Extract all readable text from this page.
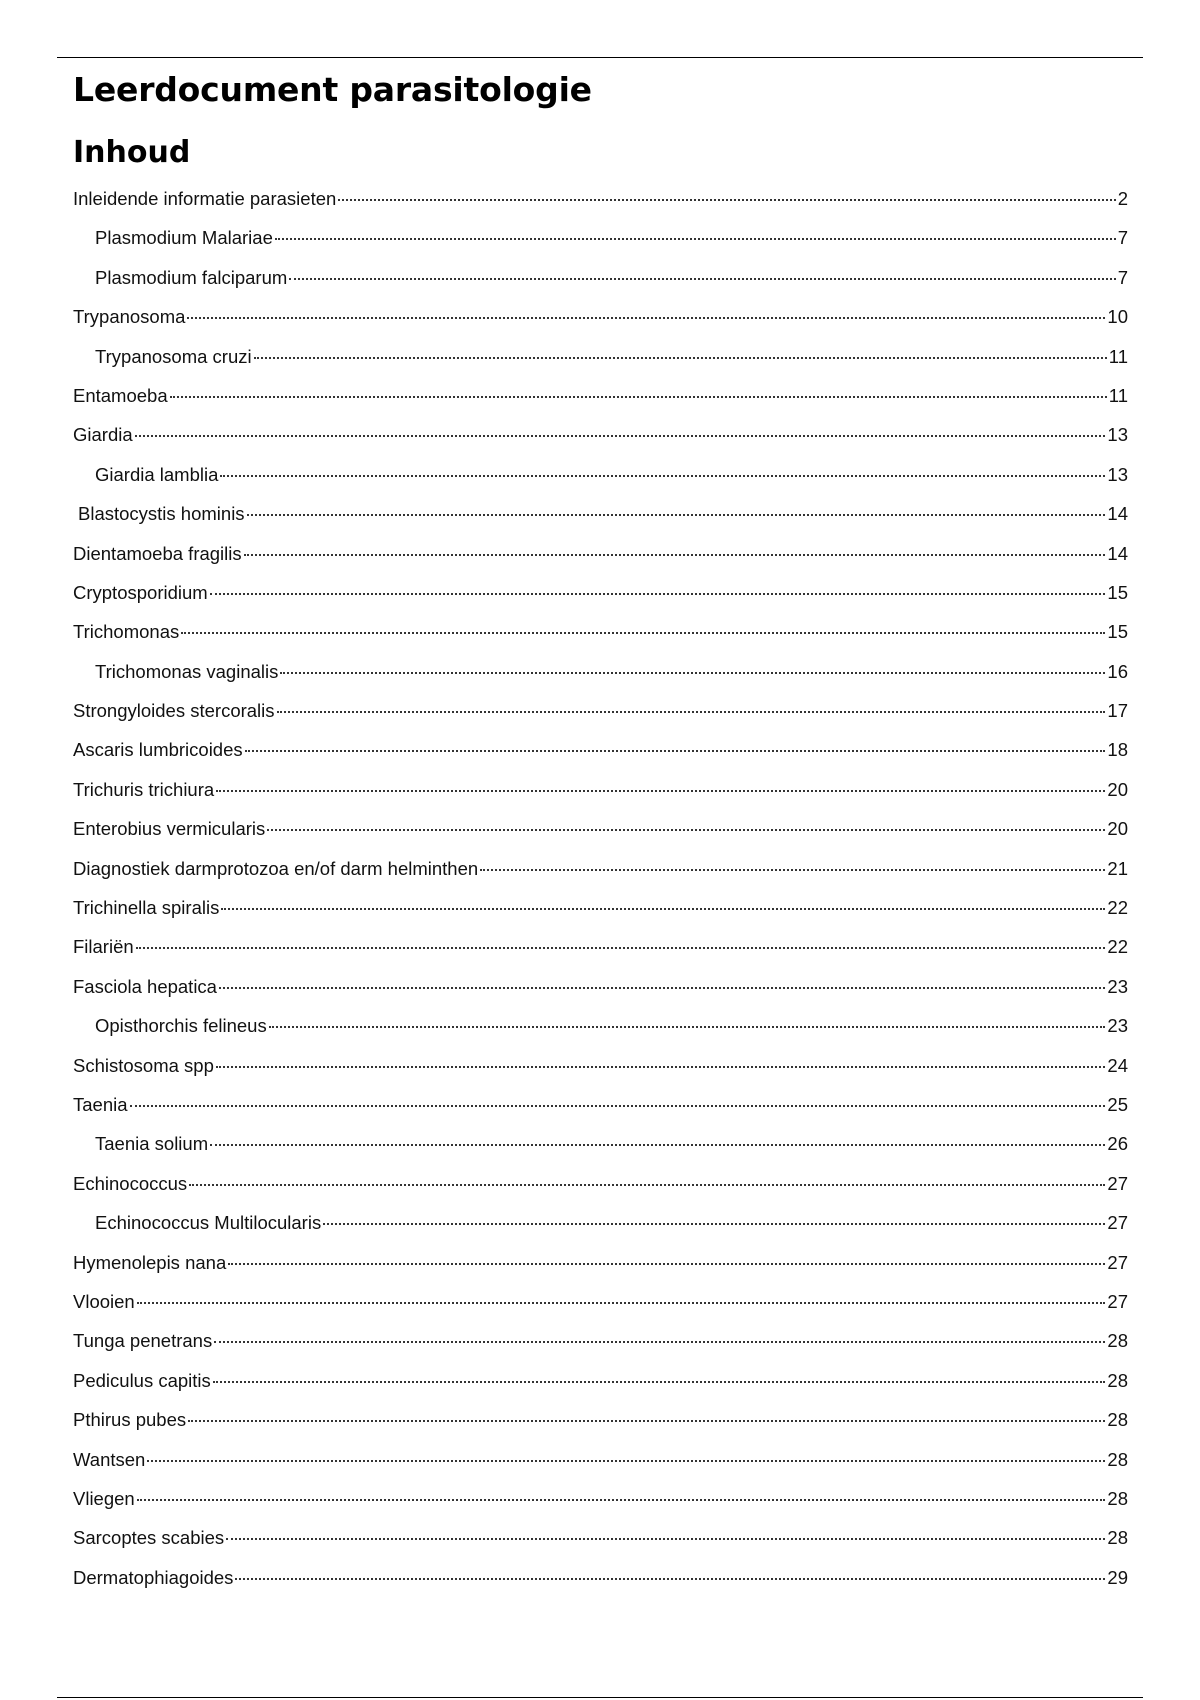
Leerdocument parasitologie
Inhoud
Inleidende informatie parasieten	2
Plasmodium Malariae	7
Plasmodium falciparum	7
Trypanosoma	10
Trypanosoma cruzi	11
Entamoeba	11
Giardia	13
Giardia lamblia	13
Blastocystis hominis	14
Dientamoeba fragilis	14
Cryptosporidium	15
Trichomonas	15
Trichomonas vaginalis	16
Strongyloides stercoralis	17
Ascaris lumbricoides	18
Trichuris trichiura	20
Enterobius vermicularis	20
Diagnostiek darmprotozoa en/of darm helminthen	21
Trichinella spiralis	22
Filariën	22
Fasciola hepatica	23
Opisthorchis felineus	23
Schistosoma spp	24
Taenia	25
Taenia solium	26
Echinococcus	27
Echinococcus Multilocularis	27
Hymenolepis nana	27
Vlooien	27
Tunga penetrans	28
Pediculus capitis	28
Pthirus pubes	28
Wantsen	28
Vliegen	28
Sarcoptes scabies	28
Dermatophiagoides	29
